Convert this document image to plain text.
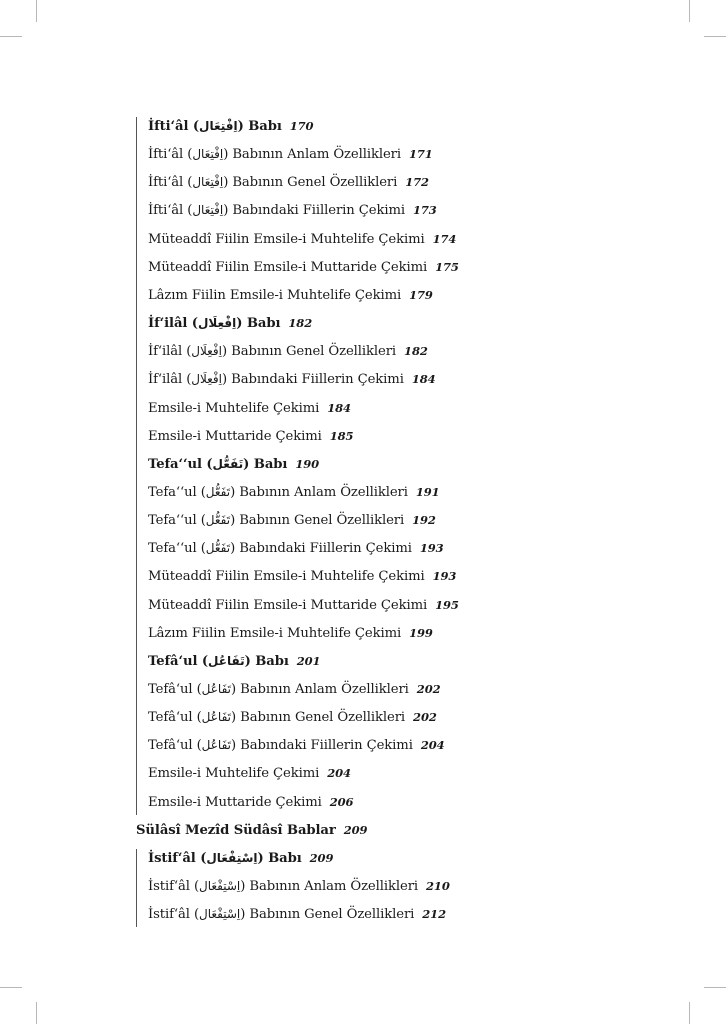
İfti‘âl (اِفْتِعَال) Babı 170
İfti‘âl (اِفْتِعَال) Babının Anlam Özellikleri 171
İfti‘âl (اِفْتِعَال) Babının Genel Özellikleri 172
İfti‘âl (اِفْتِعَال) Babındaki Fiillerin Çekimi 173
Müteaddî Fiilin Emsile-i Muhtelife Çekimi 174
Müteaddî Fiilin Emsile-i Muttaride Çekimi 175
Lâzım Fiilin Emsile-i Muhtelife Çekimi 179
İf‘ilâl (اِفْعِلَال) Babı 182
İf‘ilâl (اِفْعِلَال) Babının Genel Özellikleri 182
İf‘ilâl (اِفْعِلَال) Babındaki Fiillerin Çekimi 184
Emsile-i Muhtelife Çekimi 184
Emsile-i Muttaride Çekimi 185
Tefa‘‘ul (تَفَعُّل) Babı 190
Tefa‘‘ul (تَفَعُّل) Babının Anlam Özellikleri 191
Tefa‘‘ul (تَفَعُّل) Babının Genel Özellikleri 192
Tefa‘‘ul (تَفَعُّل) Babındaki Fiillerin Çekimi 193
Müteaddî Fiilin Emsile-i Muhtelife Çekimi 193
Müteaddî Fiilin Emsile-i Muttaride Çekimi 195
Lâzım Fiilin Emsile-i Muhtelife Çekimi 199
Tefâ‘ul (تَفَاعُل) Babı 201
Tefâ‘ul (تَفَاعُل) Babının Anlam Özellikleri 202
Tefâ‘ul (تَفَاعُل) Babının Genel Özellikleri 202
Tefâ‘ul (تَفَاعُل) Babındaki Fiillerin Çekimi 204
Emsile-i Muhtelife Çekimi 204
Emsile-i Muttaride Çekimi 206
Sülâsî Mezîd Südâsî Bablar 209
İstif‘âl (اِسْتِفْعَال) Babı 209
İstif‘âl (اِسْتِفْعَال) Babının Anlam Özellikleri 210
İstif‘âl (اِسْتِفْعَال) Babının Genel Özellikleri 212
